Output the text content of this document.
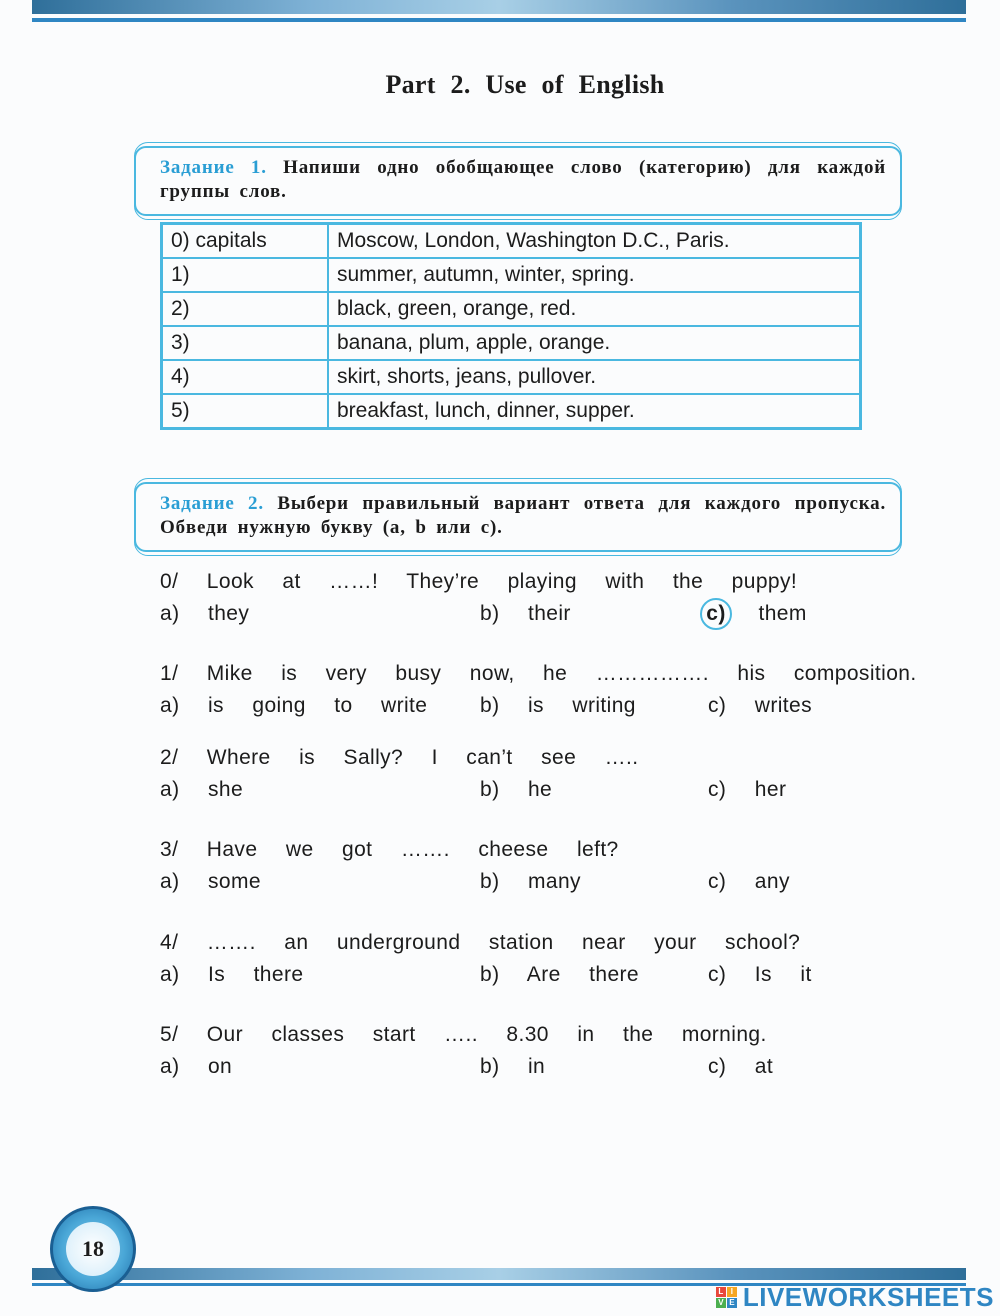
Part 2. Use of English
Задание 1. Напиши одно обобщающее слово (категорию) для каждой группы слов.
0) capitals	Moscow, London, Washington D.C., Paris.
1)	summer, autumn, winter, spring.
2)	black, green, orange, red.
3)	banana, plum, apple, orange.
4)	skirt, shorts, jeans, pullover.
5)	breakfast, lunch, dinner, supper.
Задание 2. Выбери правильный вариант ответа для каждого пропуска. Обведи нужную букву (a, b или c).
0/  Look  at  ……!  They’re  playing  with  the  puppy!
a) they	b) their	c) them
1/  Mike  is  very  busy  now,  he  …………….  his  composition.
a) is  going  to  write	b) is  writing	c) writes
2/  Where  is  Sally?  I  can’t  see  …..
a) she	b) he	c) her
3/  Have  we  got  …….  cheese  left?
a) some	b) many	c) any
4/  …….  an  underground  station  near  your  school?
a) Is  there	b) Are  there	c) Is  it
5/  Our  classes  start  …..  8.30  in  the  morning.
a) on	b) in	c) at
18
L I
V E LIVEWORKSHEETS
